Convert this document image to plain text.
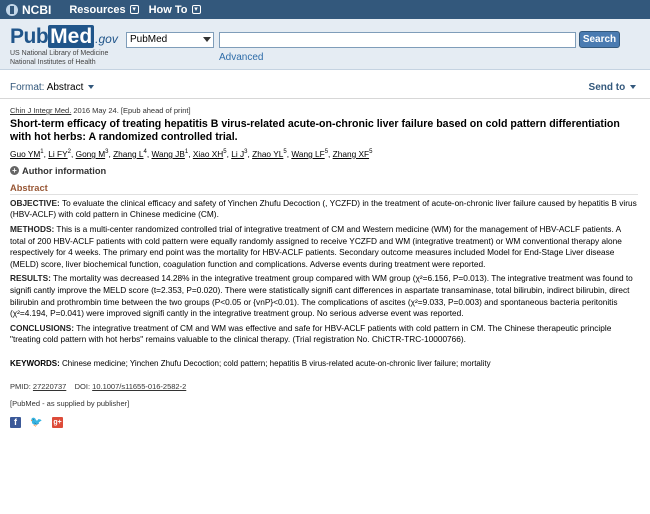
NCBI Resources ▾ How To ▾
PubMed .gov
US National Library of Medicine
National Institutes of Health
PubMed	Search
Advanced
Format: Abstract	Send to
Chin J Integr Med. 2016 May 24. [Epub ahead of print]
Short-term efficacy of treating hepatitis B virus-related acute-on-chronic liver failure based on cold pattern differentiation with hot herbs: A randomized controlled trial.
Guo $YM^1$, Li $FY^2$, Gong $M^3$, Zhang $L^4$, Wang $JB^1$, Xiao $XH^5$, Li $J^3$, Zhao $YL^5$, Wang $LF^5$, Zhang $XF^5$
+ Author information
Abstract

OBJECTIVE: To evaluate the clinical efficacy and safety of Yinchen Zhufu Decoction (, YCZFD) in the treatment of acute-on-chronic liver failure caused by hepatitis B virus (HBV-ACLF) with cold pattern in Chinese medicine (CM).

METHODS: This is a multi-center randomized controlled trial of integrative treatment of CM and Western medicine (WM) for the management of HBV-ACLF patients. A total of 200 HBV-ACLF patients with cold pattern were equally randomly assigned to receive YCZFD and WM (integrative treatment) or WM conventional therapy alone respectively for 4 weeks. The primary end point was the mortality for HBV-ACLF patients. Secondary outcome measures included Model for End-Stage Liver disease (MELD) score, liver biochemical function, coagulation function and complications. Adverse events during treatment were reported.

RESULTS: The mortality was decreased 14.28% in the integrative treatment group compared with WM group (χ²=6.156, P=0.013). The integrative treatment was found to signifi cantly improve the MELD score (t=2.353, P=0.020). There were statistically signifi cant differences in aspartate transaminase, total bilirubin, indirect bilirubin, direct bilirubin and prothrombin time between the two groups (P<0.05 or {vnP}<0.01). The complications of ascites (χ²=9.033, P=0.003) and spontaneous bacteria peritonitis (χ²=4.194, P=0.041) were improved signifi cantly in the integrative treatment group. No serious adverse event was reported.

CONCLUSIONS: The integrative treatment of CM and WM was effective and safe for HBV-ACLF patients with cold pattern in CM. The Chinese therapeutic principle "treating cold pattern with hot herbs" remains valuable to the clinical therapy. (Trial registration No. ChiCTR-TRC-10000766).

KEYWORDS: Chinese medicine; Yinchen Zhufu Decoction; cold pattern; hepatitis B virus-related acute-on-chronic liver failure; mortality
PMID: 27220737 DOI: 10.1007/s11655-016-2582-2
[PubMed - as supplied by publisher]
f	🐦 g+
